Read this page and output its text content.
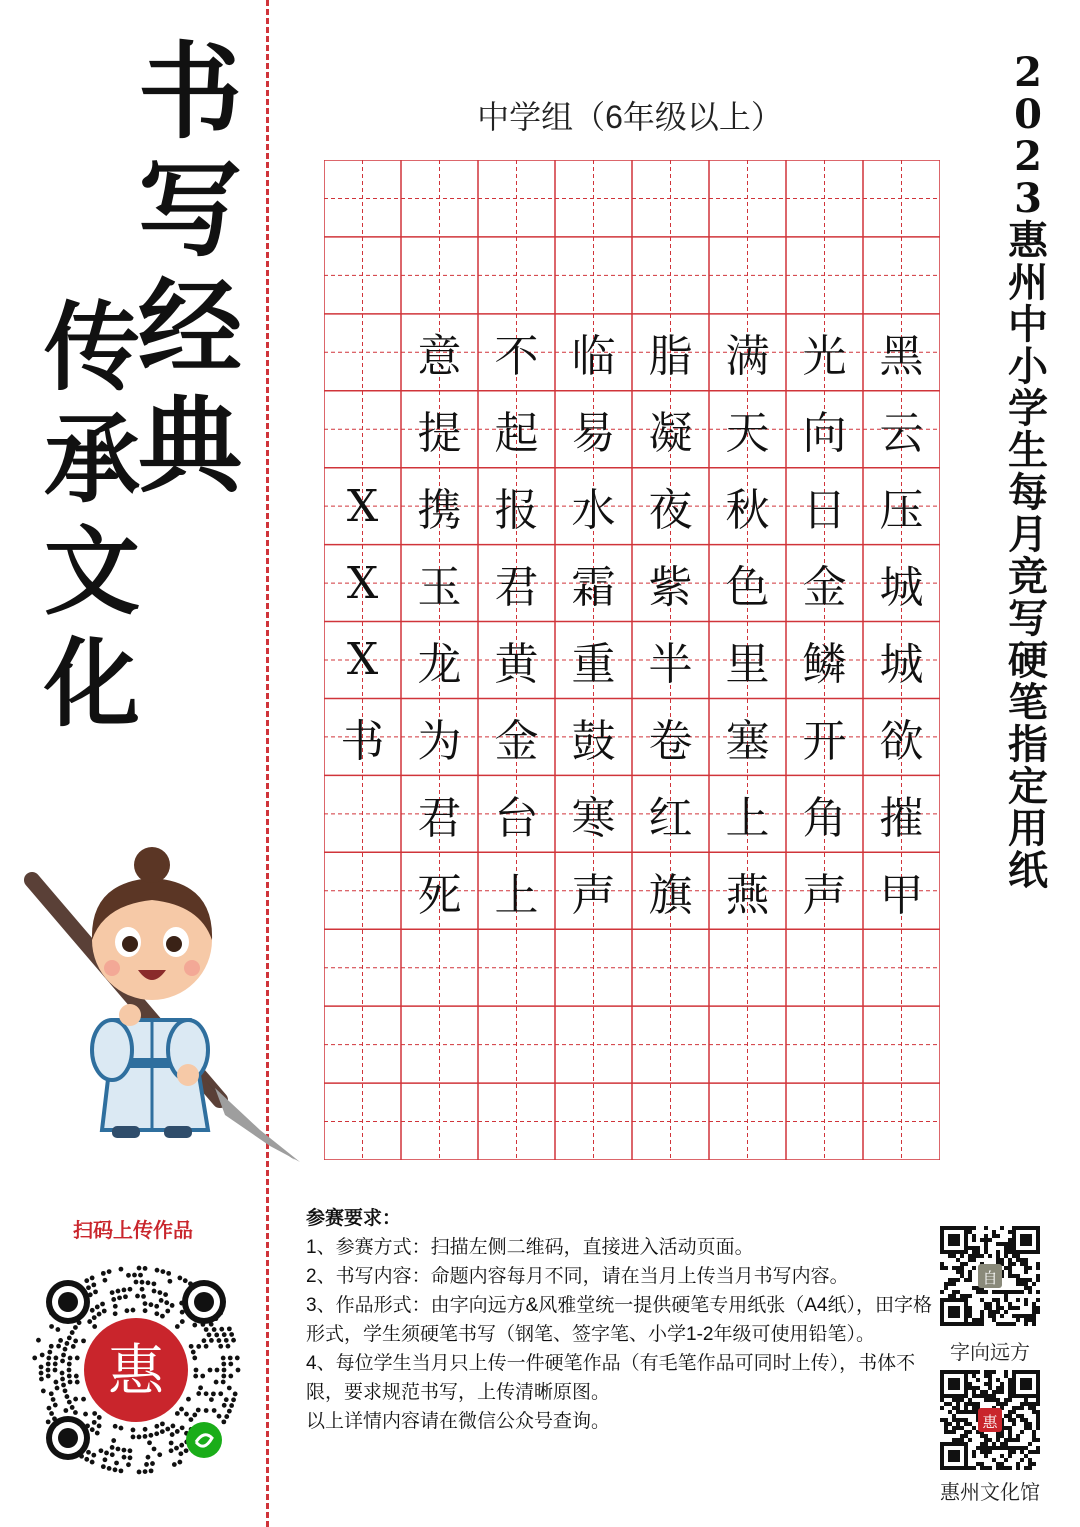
书
写
经
典
传
承
文
化
2
0
2
3
惠
州
中
小
学
生
每
月
竞
写
硬
笔
指
定
用
纸
中学组（6年级以上）
意 不 临 脂 满 光 黑
提 起 易 凝 天 向 云
X 携 报 水 夜 秋 日 压
X 玉 君 霜 紫 色 金 城
X 龙 黄 重 半 里 鳞 城
书 为 金 鼓 卷 塞 开 欲
君 台 寒 红 上 角 摧
死 上 声 旗 燕 声 甲
扫码上传作品
惠

参赛要求：

1、参赛方式：扫描左侧二维码，直接进入活动页面。

2、书写内容：命题内容每月不同，请在当月上传当月书写内容。

3、作品形式：由字向远方&风雅堂统一提供硬笔专用纸张（A4纸），田字格形式，学生须硬笔书写（钢笔、签字笔、小学1-2年级可使用铅笔）。

4、每位学生当月只上传一件硬笔作品（有毛笔作品可同时上传），书体不限，要求规范书写，上传清晰原图。

以上详情内容请在微信公众号查询。

自
字向远方
惠
惠州文化馆
